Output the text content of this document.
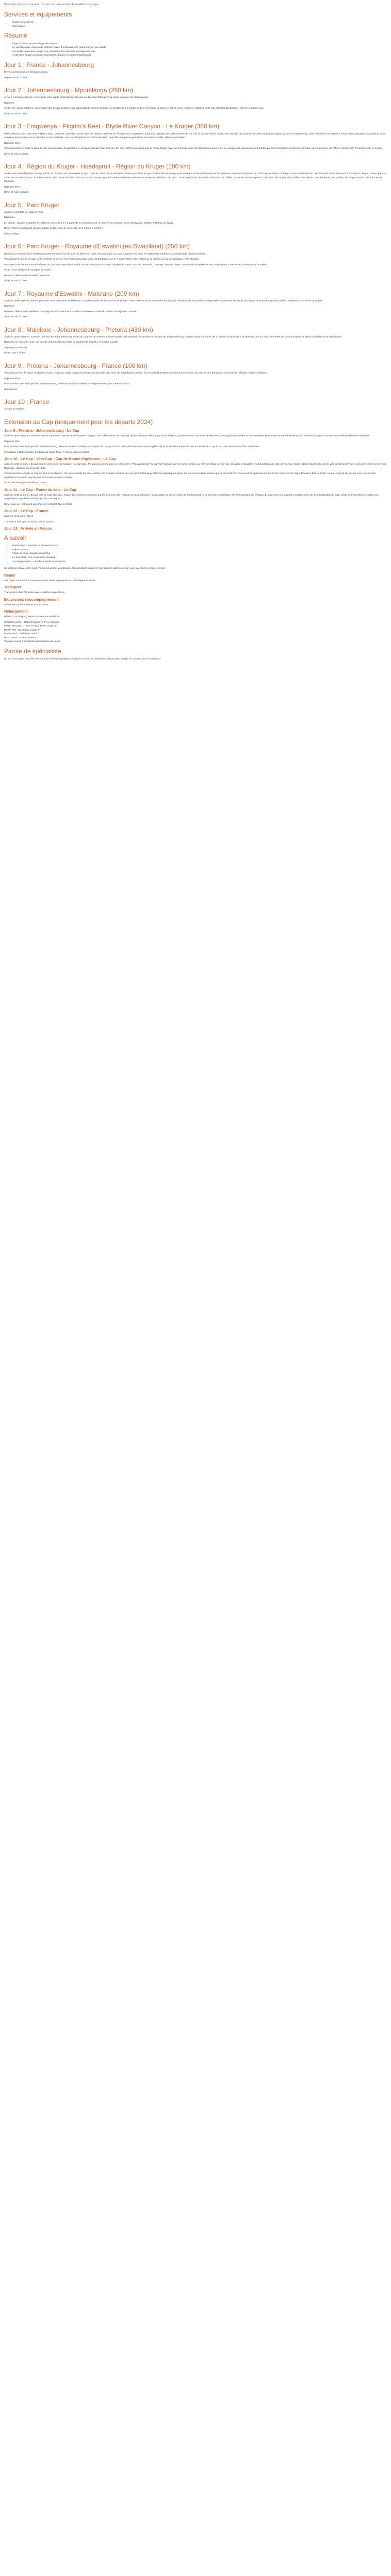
Description Ce prix comprend : Ce prix ne comprend pas Formalités Concierges

Services et équipements
• Guide francophone
• Concierges
Résumé
• Pilgrim's Rest, ancien village de mineurs
• Le spectaculaire canyon de la Blyde River, 3 millénaires de grand canyon au monde
• Les petits déjeuners Kruger à la recherche des animaux sauvages du parc
• Visite d'un village rural avec spectacles, danses et chants traditionnels
Jour 1 : France - Johannesbourg

Envol à destination de Johannesbourg.

Repas et nuit à bord.

Jour 2 : Johannesbourg - Mpumlanga (260 km)

Arrivée à Johannesbourg. Accueil par votre guide francophone et route en direction d'Emgwenya, dans la région du Mpumalanga.

Déjeuner.

Visite d'un village ndebele. Les images des peuples ndebele du Mpumalanga orment souvent les posters et les guides dédiés à l'Afrique du Sud, en fuit de leurs créations colorées et de leur art tribal dépassants. Arrivée à Emgwenya.

Dîner et nuit à l'hôtel.

Jour 3 : Emgwenya - Pilgrim's Rest - Blyde River Canyon - Le Kruger (380 km)

Petit-déjeuner puis route vers Pilgrim's Rest. Visite de cette ville musée dont les maisons en bois de l'époque ont, restaurées, datant de l'époque de la découverte de l'or à la fin du 19e siècle. Partez ensuite à la découverte de cette magnifique région qu'est le Drakensberg. Vous obtiendrez les routes à travers des paysages luxuriants et vous arriverez pour le déjeuner au Bourke's Luck Potholes. Vous contemplerez le "God's Window" : qui offre une perma grandiose sur toute la vallée. Retour à Graskop.

Déjeuner libre.

Vous admirerez ensuite le point le plus spectaculaire du parcours en arrivant à Blyde River Canyon. En effet, 800 mètres plus bas, la rivière Blyde River qui s'écoule entre des formations de roches. Le canyon est supérieurement doublé par trois formations rocheuses de haut, que la province de "Three Rondavels". Poursuite vers le Kruger.

Dîner et nuit au lodge.

Jour 4 : Région du Kruger - Hoedspruit - Région du Kruger (180 km)

Après votre petit-déjeuner, vous prendrez la direction du centre près Kruger. Créé en 1898 par le président de l'époque, Paul Kruger, il est le lieu de refuge pour animaux et l'endroit idéal pour les observer. Avec une longueur de 340 km pour 60 km de large, ce parc national est l'une des plus riches réserves d'animaux d'Afrique. Partez pour un safari en 4x4 dans le parc à la découverte de la faune africaine. Vous y trouverez la plus grande variété d'animaux avec entre autres les célèbres "Big Five" : lions, éléphants, léopards, rhinocéros et buffles. Parmi les autres espèces on trouve des hippos, des buffles, des zèbres, des éléphants, les girafes, les hippopotames, les lions et les léopards.

Déjeuner libre.

Dîner et nuit au lodge.

Jour 5 : Parc Kruger

Journée complète de safari en 4x4.

Déjeuner.

En option : journée complète de safari en véhicule 4 x 4 à partir de 8 à 9 personnes, à réserver au moment de la réservation, 95€/pers. Retour au lodge.

Dîner "boma" traditionnel africain autour du feu, sous le ciel étoilé (si la météo le permet).

Nuit au lodge.

Jour 6 : Parc Kruger - Royaume d'Eswatini (ex-Swaziland) (250 km)

Route pour l'Eswatini (ex-Swaziland), petit royaume encore dans la fraîcheur, mais d'un pays qui, La pays conserve est dans le respect des traditions combatif et de diverses étoiles.

Vous pourrez faire le voyage de la frontière et de son merveilleux paysage vous contemplerez sur le "Happy Valley", bien abrité de la région au sud de Mbabane, vers Manzini.

Passage de la frontière entre l'Afrique du Sud et le Swaziland. Visite du marché d'artisanat et de bougies de Swazi, sous la beauté du paysage. Dans la région de Ezulwini et Malkerns, les magnifiques d'artistes et d'artisanat de la vallée.

Visite d'une fabrique de bougies de Swazi.

Route en direction de la vallée heureuse.

Dîner et nuit à l'hôtel.

Jour 7 : Royaume d'Eswatini - Malelane (209 km)

Après le petit-déjeuner, balade pédestre dans la réserve de Mlilwane. À la découverte de la faune et de la flore. Cette réserve est le sanctuaire écologique créé pour les écosystèmes régionales en ajoutant l'espèces protégées ainsi qu'une grande variété de gibiers, comme les antilopes.

Déjeuner.

Route en direction de Malelane. Passage de la frontière et formalités douanières. Visite du jardin botanique de Lowveld.

Dîner et nuit à l'hôtel.

Jour 8 : Malelane - Johannesbourg - Pretoria (430 km)

Après le petit-déjeuner, route en direction de Johannesbourg. Visite du quartier de Soweto. Il était travaillé de l'apartheid, le quartier historique de Johannesbourg compte aujourd'hui près de 4 millions d'habitants. Les derniers que s'y sont démontés en 1776 marquant le début du déclin de la ségrégation.

Déjeuner en cours de route, au tour de Johannesbourg visite du quartier de Soweto, le Ghetto Gandhi.

Départ pour Pretoria.

Dîner. Nuit à l'hôtel.

Jour 9 : Pretoria - Johannesbourg - France (100 km)

Vous découvrirez la place de l'Église, l'Union Building, siège du gouvernement dominant la ville avec de magnifiques jardins, et le Voortrekker Monument (vue extérieure), qui est l'un des principaux monuments reflétant l'histoire afrikaner.

Déjeuner libre.

Puis transfert vers l'aéroport de Johannesbourg, assistance aux formalités d'enregistrement pour votre vol retour.

Nuit à bord.

Jour 10 : France

Arrivée en France.

Extension au Cap (uniquement pour les départs 2024)
Jour 9 : Pretoria - Johannesbourg - Le Cap

Après le petit-déjeuner, visite de Pretoria qui est la capitale administrative du pays. Vous découvrirez la place de l'Église, l'Union Building qui est le siège du gouvernement dominant la ville avec de magnifiques jardins et le Voortrekker Monument (vue extérieure) qui est l'un des principaux monuments reflétant l'histoire afrikaner.

Déjeuner libre.

Puis transfert vers l'aéroport de Johannesbourg, assistance aux formalités. Envol pour le Cap puis visite de la ville avec notamment (gâté Hill) et sa superbe pointe de vue sur la ville du Cap, le Port de Table Bay et l'île de Robben.

Installation à l'hôtel holiday Inn Express Cape Town. P. Dîner et nuit à l'hôtel.

Jour 10 : Le Cap - Vers Cap - Cap de Bonne Espérance - Le Cap

Après le petit-déjeuner, départ pour la terre en fin de banque. Au parcours, Pic puis la somme pour en contenter le "Restaurant de l'Ile du Fort" du bout vers les amis sortes, qui est l'ouverture vers le sud, dit aussi à l'ouvert en sud du littoral, du côté de l'océan. Vous visiterez pour l'église de la ville de Simon'S Town à de jolies côtes vers le sud. Déjeuner, cabanes en cours de route.

Vous rejoindrez ensuite le Cap de Bonne Espérance, l'un des endroits les plus célèbres de l'Afrique du Sud, qui vous permettra de profiter de magnifiques points de vue sur les deux océans qui s'y rencontrent. Vous pourrez également admirer les manchots du Cap à Boulders Beach. Enfin, tout au long de la journée vous découvrirez également la colonie de phoques et d'autres animaux marins.

Visite de l'auberge culturelle au retour.

Jour 11 : Le Cap - Route du vins - Le Cap

Après le petit-déjeuner, départ vers la route des vins, région des célèbres vignobles qui fait le succès de l'Afrique du Sud. Déjeuner. Dégustation de vins et visite de Stellenbosch, à la fois ville universitaire et ville historique de l'Afrique du Sud avec ses superbes architectures de style hollandais du Cap. Visite de Franschhoek, vallée aux magnifiques vignobles dominés par les montagnes.

Dîner dans un restaurant puis transfert à l'hôtel. Nuit à l'hôtel.

Jour 12 : Le Cap - France

Matinée et déjeuner libres.

Transfert à l'aéroport et envol pour la France.

Jour 13 : Arrivée en France
À savoir
• Participants : minimum 2 et maximum 25
• Départ garanti
• Valise permise, bagage main 8 kg
• Le transport : bus ou minibus climatisé
• Accompagnateur : chauffeur guide francophone

La monnaie locale est le rand. Pensez à vérifier vos documents, passeport valide 6 mois après la date de retour, avec au moins 2 pages vierges.

Repas

Les repas sont à votre charge ou inclus selon le programme. Petit-déjeuner inclus.

Transport

Transport en bus climatisé avec chauffeur anglophone.

Excursions / accompagnement

Guide francophone durant tout le circuit.

Hébergement

Hôtels 3* et lodges (normes locales) ou similaires.

MPUMALANGA : Hotel Emgwenya 3* ou similaire

PARC KRUGER : Hotel Thulani River Lodge 3*

ESWATINI : Mantenga Lodge 3*

MALELANE : Malelane Hotel 3*

PRETORIA : Arcadia Hotel 3*

Voyage soumis à conditions particulières de vente.

Parole de spécialiste

Un circuit complet pour découvrir les plus beaux paysages d'Afrique du Sud, de Johannesbourg au parc Kruger en passant par le Swaziland.
